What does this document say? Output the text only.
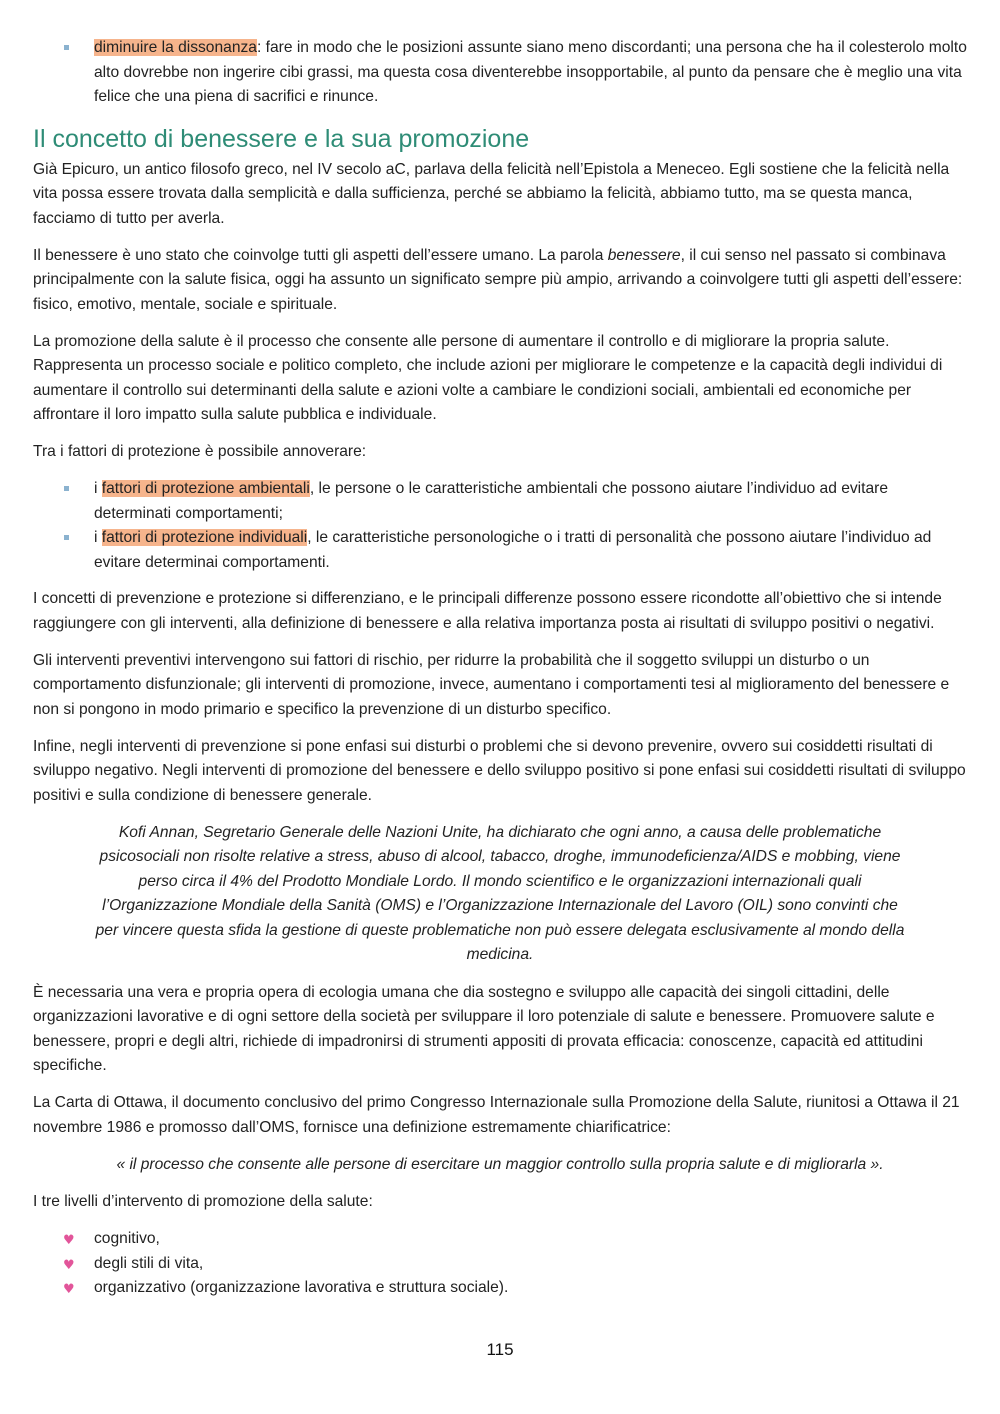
diminuire la dissonanza: fare in modo che le posizioni assunte siano meno discordanti; una persona che ha il colesterolo molto alto dovrebbe non ingerire cibi grassi, ma questa cosa diventerebbe insopportabile, al punto da pensare che è meglio una vita felice che una piena di sacrifici e rinunce.
Il concetto di benessere e la sua promozione

Già Epicuro, un antico filosofo greco, nel IV secolo aC, parlava della felicità nell’Epistola a Meneceo. Egli sostiene che la felicità nella vita possa essere trovata dalla semplicità e dalla sufficienza, perché se abbiamo la felicità, abbiamo tutto, ma se questa manca, facciamo di tutto per averla.

Il benessere è uno stato che coinvolge tutti gli aspetti dell’essere umano. La parola benessere, il cui senso nel passato si combinava principalmente con la salute fisica, oggi ha assunto un significato sempre più ampio, arrivando a coinvolgere tutti gli aspetti dell’essere: fisico, emotivo, mentale, sociale e spirituale.

La promozione della salute è il processo che consente alle persone di aumentare il controllo e di migliorare la propria salute. Rappresenta un processo sociale e politico completo, che include azioni per migliorare le competenze e la capacità degli individui di aumentare il controllo sui determinanti della salute e azioni volte a cambiare le condizioni sociali, ambientali ed economiche per affrontare il loro impatto sulla salute pubblica e individuale.

Tra i fattori di protezione è possibile annoverare:

i fattori di protezione ambientali, le persone o le caratteristiche ambientali che possono aiutare l’individuo ad evitare determinati comportamenti;
i fattori di protezione individuali, le caratteristiche personologiche o i tratti di personalità che possono aiutare l’individuo ad evitare determinai comportamenti.

I concetti di prevenzione e protezione si differenziano, e le principali differenze possono essere ricondotte all’obiettivo che si intende raggiungere con gli interventi, alla definizione di benessere e alla relativa importanza posta ai risultati di sviluppo positivi o negativi.

Gli interventi preventivi intervengono sui fattori di rischio, per ridurre la probabilità che il soggetto sviluppi un disturbo o un comportamento disfunzionale; gli interventi di promozione, invece, aumentano i comportamenti tesi al miglioramento del benessere e non si pongono in modo primario e specifico la prevenzione di un disturbo specifico.

Infine, negli interventi di prevenzione si pone enfasi sui disturbi o problemi che si devono prevenire, ovvero sui cosiddetti risultati di sviluppo negativo. Negli interventi di promozione del benessere e dello sviluppo positivo si pone enfasi sui cosiddetti risultati di sviluppo positivi e sulla condizione di benessere generale.

Kofi Annan, Segretario Generale delle Nazioni Unite, ha dichiarato che ogni anno, a causa delle problematiche psicosociali non risolte relative a stress, abuso di alcool, tabacco, droghe, immunodeficienza/AIDS e mobbing, viene perso circa il 4% del Prodotto Mondiale Lordo. Il mondo scientifico e le organizzazioni internazionali quali l’Organizzazione Mondiale della Sanità (OMS) e l’Organizzazione Internazionale del Lavoro (OIL) sono convinti che per vincere questa sfida la gestione di queste problematiche non può essere delegata esclusivamente al mondo della medicina.

È necessaria una vera e propria opera di ecologia umana che dia sostegno e sviluppo alle capacità dei singoli cittadini, delle organizzazioni lavorative e di ogni settore della società per sviluppare il loro potenziale di salute e benessere. Promuovere salute e benessere, propri e degli altri, richiede di impadronirsi di strumenti appositi di provata efficacia: conoscenze, capacità ed attitudini specifiche.

La Carta di Ottawa, il documento conclusivo del primo Congresso Internazionale sulla Promozione della Salute, riunitosi a Ottawa il 21 novembre 1986 e promosso dall’OMS, fornisce una definizione estremamente chiarificatrice:

« il processo che consente alle persone di esercitare un maggior controllo sulla propria salute e di migliorarla ».

I tre livelli d’intervento di promozione della salute:

♥ cognitivo,
♥ degli stili di vita,
♥ organizzativo (organizzazione lavorativa e struttura sociale).
115
